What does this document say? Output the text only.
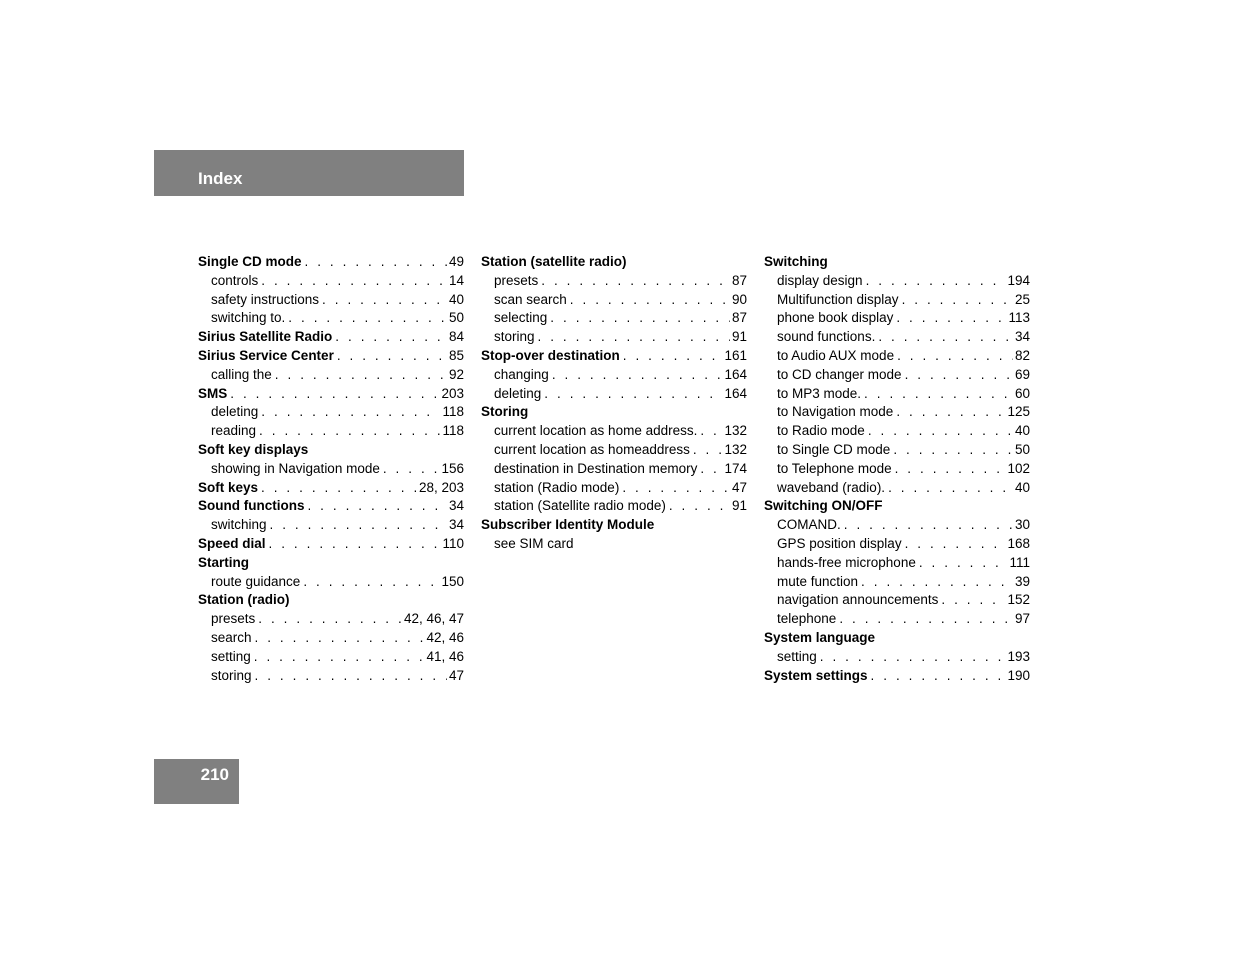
Index
Single CD mode . . .	49
controls . . .	14
safety instructions . . .	40
switching to. . . .	50
Sirius Satellite Radio . . .	84
Sirius Service Center . . .	85
calling the . . .	92
SMS . . .	203
deleting . . .	118
reading . . .	118
Soft key displays
showing in Navigation mode . . .	156
Soft keys . . .	28, 203
Sound functions . . .	34
switching . . .	34
Speed dial . . .	110
Starting
route guidance . . .	150
Station (radio)
presets . . .	42, 46, 47
search . . .	42, 46
setting . . .	41, 46
storing . . .	47
Station (satellite radio)
presets . . .	87
scan search . . .	90
selecting . . .	87
storing . . .	91
Stop-over destination . . .	161
changing . . .	164
deleting . . .	164
Storing
current location as home address. . . . 132
current location as homeaddress . . .	132
destination in Destination memory . . . 174
station (Radio mode) . . .	47
station (Satellite radio mode) . . .	91
Subscriber Identity Module
see SIM card
Switching
display design . . .	194
Multifunction display . . .	25
phone book display . . .	113
sound functions. . . .	34
to Audio AUX mode . . .	82
to CD changer mode . . .	69
to MP3 mode. . . .	60
to Navigation mode . . .	125
to Radio mode . . .	40
to Single CD mode . . .	50
to Telephone mode . . .	102
waveband (radio). . . .	40
Switching ON/OFF
COMAND. . . .	30
GPS position display . . .	168
hands-free microphone . . .	111
mute function . . .	39
navigation announcements . . .	152
telephone . . .	97
System language
setting . . .	193
System settings . . .	190
210
